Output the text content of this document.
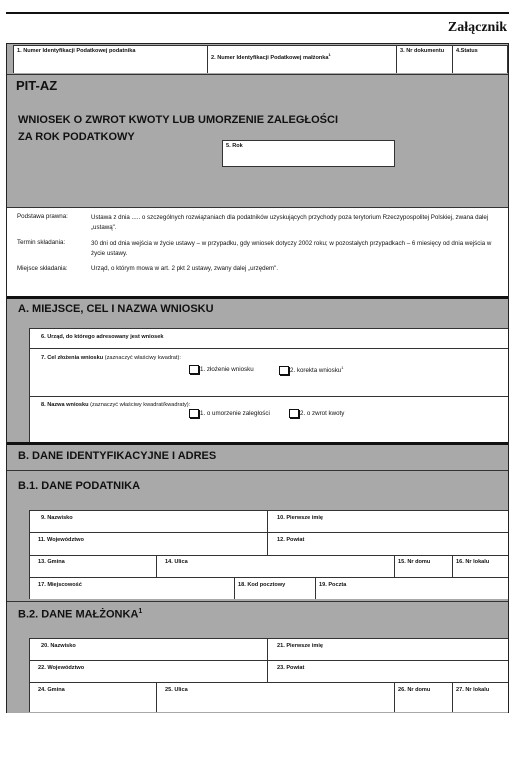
Załącznik
1. Numer Identyfikacji Podatkowej podatnika
2. Numer Identyfikacji Podatkowej małżonka$^1$
3. Nr dokumentu 4.Status
PIT-AZ
WNIOSEK O ZWROT KWOTY LUB UMORZENIE ZALEGŁOŚCI
ZA ROK PODATKOWY
5. Rok
Podstawa prawna:	Ustawa z dnia ..... o szczególnych rozwiązaniach dla podatników uzyskujących przychody poza terytorium Rzeczypospolitej Polskiej, zwana dalej „ustawą".
Termin składania:	30 dni od dnia wejścia w życie ustawy – w przypadku, gdy wniosek dotyczy 2002 roku; w pozostałych przypadkach – 6 miesięcy od dnia wejścia w życie ustawy.
Miejsce składania:	Urząd, o którym mowa w art. 2 pkt 2 ustawy, zwany dalej „urzędem".
A. MIEJSCE, CEL I NAZWA WNIOSKU
6. Urząd, do którego adresowany jest wniosek
7. Cel złożenia wniosku (zaznaczyć właściwy kwadrat):
1. złożenie wniosku	2. korekta wniosku$^1$
8. Nazwa wniosku (zaznaczyć właściwy kwadrat/kwadraty):
1. o umorzenie zaległości	2. o zwrot kwoty
B. DANE IDENTYFIKACYJNE I ADRES
B.1. DANE PODATNIKA
9. Nazwisko	10. Pierwsze imię
11. Województwo	12. Powiat
13. Gmina	14. Ulica	15. Nr domu	16. Nr lokalu
17. Miejscowość	18. Kod pocztowy	19. Poczta
B.2. DANE MAŁŻONKA$^1$
20. Nazwisko	21. Pierwsze imię
22. Województwo	23. Powiat
24. Gmina	25. Ulica	26. Nr domu	27. Nr lokalu
